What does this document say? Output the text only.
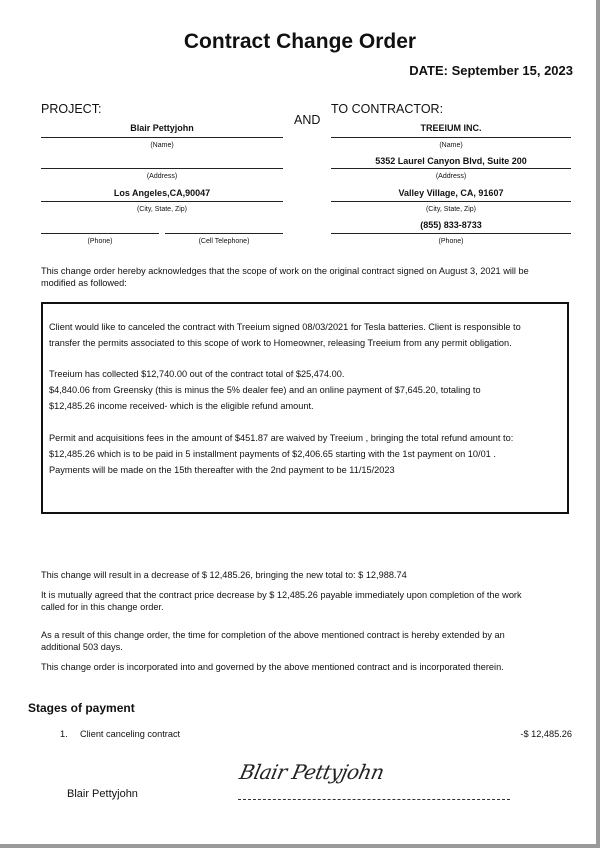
Contract Change Order
DATE: September 15, 2023
PROJECT:
AND
TO CONTRACTOR:
Blair Pettyjohn
(Name)
(Address)
Los Angeles,CA,90047
(City, State, Zip)
(Phone)	(Cell Telephone)
TREEIUM INC.
(Name)
5352 Laurel Canyon Blvd, Suite 200
(Address)
Valley Village, CA, 91607
(City, State, Zip)
(855) 833-8733
(Phone)
This change order hereby acknowledges that the scope of work on the original contract signed on August 3, 2021 will be
modified as followed:

Client would like to canceled the contract with Treeium signed 08/03/2021 for Tesla batteries. Client is responsible to

transfer the permits associated to this scope of work to Homeowner, releasing Treeium from any permit obligation.

Treeium has collected $12,740.00 out of the contract total of $25,474.00.

$4,840.06 from Greensky (this is minus the 5% dealer fee) and an online payment of $7,645.20, totaling to

$12,485.26 income received- which is the eligible refund amount.

Permit and acquisitions fees in the amount of $451.87 are waived by Treeium , bringing the total refund amount to:

$12,485.26 which is to be paid in 5 installment payments of $2,406.65 starting with the 1st payment on 10/01 .

Payments will be made on the 15th thereafter with the 2nd payment to be 11/15/2023

This change will result in a decrease of $ 12,485.26, bringing the new total to: $ 12,988.74
It is mutually agreed that the contract price decrease by $ 12,485.26 payable immediately upon completion of the work
called for in this change order.
As a result of this change order, the time for completion of the above mentioned contract is hereby extended by an
additional 503 days.
This change order is incorporated into and governed by the above mentioned contract and is incorporated therein.
Stages of payment
1. Client canceling contract	-$ 12,485.26
Blair Pettyjohn
Blair Pettyjohn
